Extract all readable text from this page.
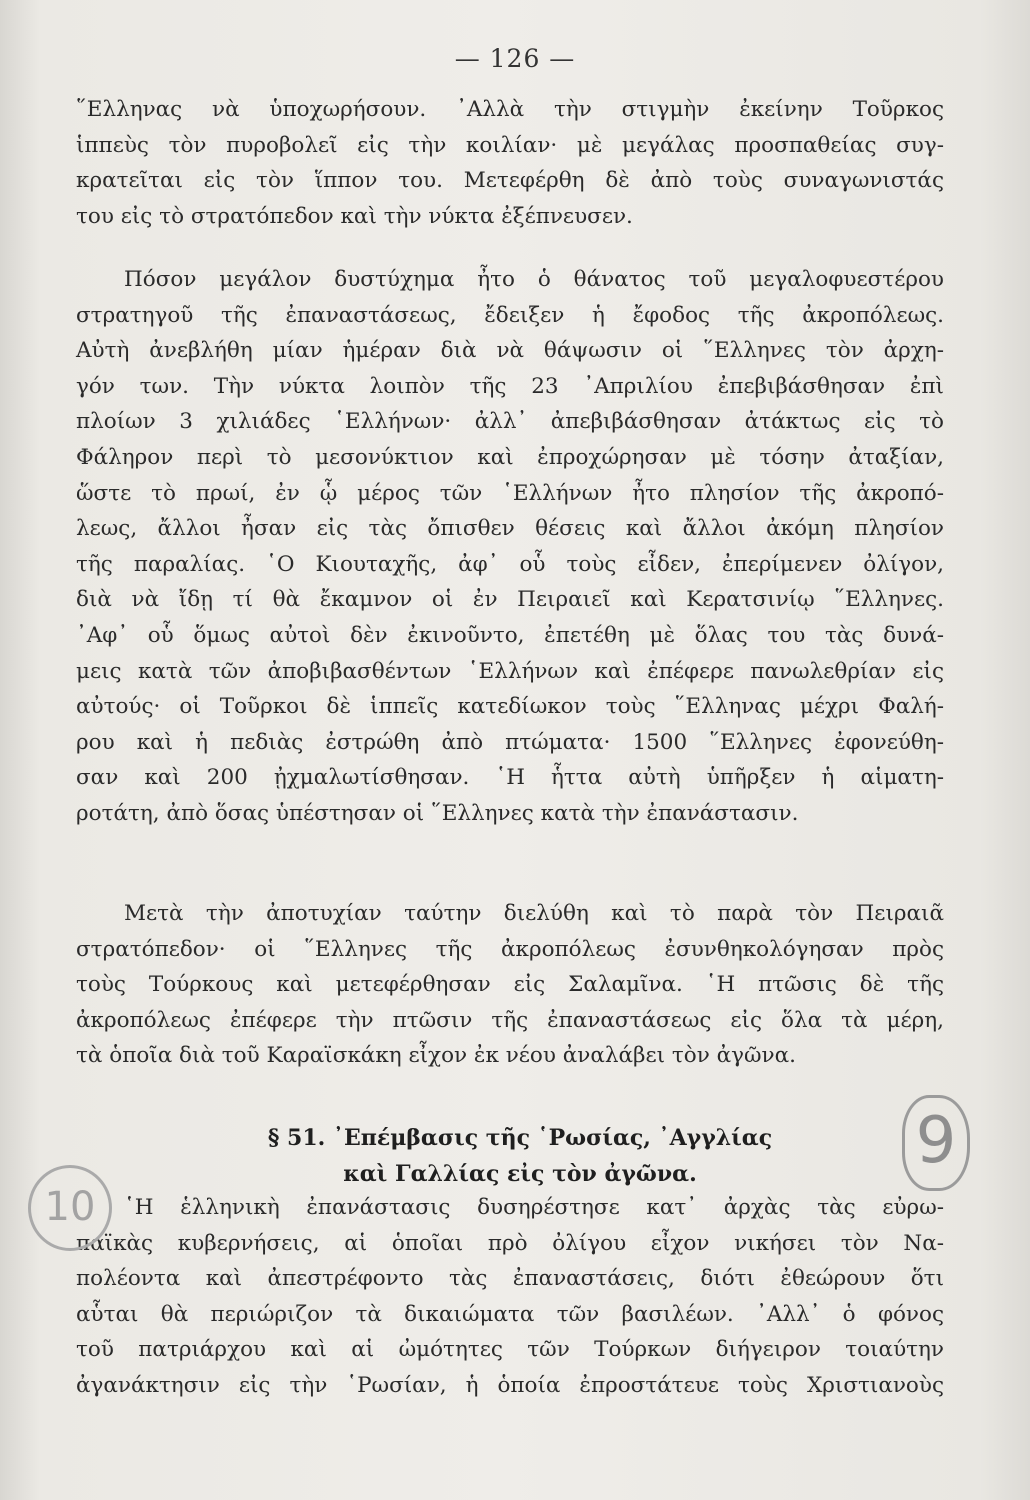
— 126 —
῞Ελληνας νὰ ὑποχωρήσουν. ᾿Αλλὰ τὴν στιγμὴν ἐκείνην Τοῦρκος
ἱππεὺς τὸν πυροβολεῖ εἰς τὴν κοιλίαν· μὲ μεγάλας προσπαθείας συγ-
κρατεῖται εἰς τὸν ἵππον του. Μετεφέρθη δὲ ἀπὸ τοὺς συναγωνιστάς
του εἰς τὸ στρατόπεδον καὶ τὴν νύκτα ἐξέπνευσεν.
Πόσον μεγάλον δυστύχημα ἦτο ὁ θάνατος τοῦ μεγαλοφυεστέρου
στρατηγοῦ τῆς ἐπαναστάσεως, ἔδειξεν ἡ ἔφοδος τῆς ἀκροπόλεως.
Αὐτὴ ἀνεβλήθη μίαν ἡμέραν διὰ νὰ θάψωσιν οἱ ῞Ελληνες τὸν ἀρχη-
γόν των. Τὴν νύκτα λοιπὸν τῆς 23 ᾿Απριλίου ἐπεβιβάσθησαν ἐπὶ
πλοίων 3 χιλιάδες ῾Ελλήνων· ἀλλ᾿ ἀπεβιβάσθησαν ἀτάκτως εἰς τὸ
Φάληρον περὶ τὸ μεσονύκτιον καὶ ἐπροχώρησαν μὲ τόσην ἀταξίαν,
ὥστε τὸ πρωί, ἐν ᾧ μέρος τῶν ῾Ελλήνων ἦτο πλησίον τῆς ἀκροπό-
λεως, ἄλλοι ἦσαν εἰς τὰς ὄπισθεν θέσεις καὶ ἄλλοι ἀκόμη πλησίον
τῆς παραλίας. ῾Ο Κιουταχῆς, ἀφ᾿ οὗ τοὺς εἶδεν, ἐπερίμενεν ὀλίγον,
διὰ νὰ ἴδῃ τί θὰ ἔκαμνον οἱ ἐν Πειραιεῖ καὶ Κερατσινίῳ ῞Ελληνες.
᾿Αφ᾿ οὗ ὅμως αὐτοὶ δὲν ἐκινοῦντο, ἐπετέθη μὲ ὅλας του τὰς δυνά-
μεις κατὰ τῶν ἀποβιβασθέντων ῾Ελλήνων καὶ ἐπέφερε πανωλεθρίαν εἰς
αὐτούς· οἱ Τοῦρκοι δὲ ἱππεῖς κατεδίωκον τοὺς ῞Ελληνας μέχρι Φαλή-
ρου καὶ ἡ πεδιὰς ἐστρώθη ἀπὸ πτώματα· 1500 ῞Ελληνες ἐφονεύθη-
σαν καὶ 200 ᾐχμαλωτίσθησαν. ῾Η ἧττα αὐτὴ ὑπῆρξεν ἡ αἱματη-
ροτάτη, ἀπὸ ὅσας ὑπέστησαν οἱ ῞Ελληνες κατὰ τὴν ἐπανάστασιν.
Μετὰ τὴν ἀποτυχίαν ταύτην διελύθη καὶ τὸ παρὰ τὸν Πειραιᾶ
στρατόπεδον· οἱ ῞Ελληνες τῆς ἀκροπόλεως ἐσυνθηκολόγησαν πρὸς
τοὺς Τούρκους καὶ μετεφέρθησαν εἰς Σαλαμῖνα. ῾Η πτῶσις δὲ τῆς
ἀκροπόλεως ἐπέφερε τὴν πτῶσιν τῆς ἐπαναστάσεως εἰς ὅλα τὰ μέρη,
τὰ ὁποῖα διὰ τοῦ Καραϊσκάκη εἶχον ἐκ νέου ἀναλάβει τὸν ἀγῶνα.
§ 51. ᾿Επέμβασις τῆς ῾Ρωσίας, ᾿Αγγλίας
καὶ Γαλλίας εἰς τὸν ἀγῶνα.
῾Η ἑλληνικὴ ἐπανάστασις δυσηρέστησε κατ᾿ ἀρχὰς τὰς εὐρω-
παϊκὰς κυβερνήσεις, αἱ ὁποῖαι πρὸ ὀλίγου εἶχον νικήσει τὸν Να-
πολέοντα καὶ ἀπεστρέφοντο τὰς ἐπαναστάσεις, διότι ἐθεώρουν ὅτι
αὗται θὰ περιώριζον τὰ δικαιώματα τῶν βασιλέων. ᾿Αλλ᾿ ὁ φόνος
τοῦ πατριάρχου καὶ αἱ ὠμότητες τῶν Τούρκων διήγειρον τοιαύτην
ἀγανάκτησιν εἰς τὴν ῾Ρωσίαν, ἡ ὁποία ἐπροστάτευε τοὺς Χριστιανοὺς
9
10
